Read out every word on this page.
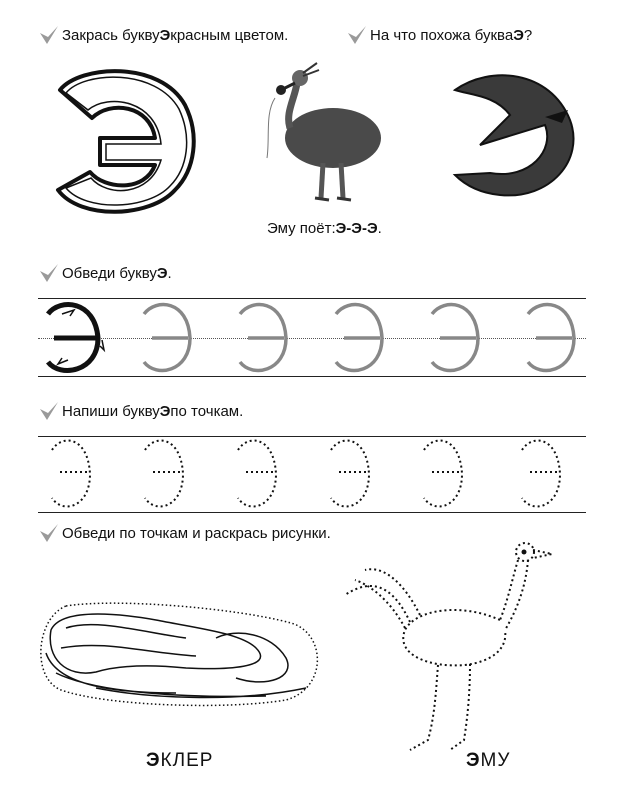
Закрась букву Э красным цветом.	На что похожа буква Э ?
Эму поёт: Э-Э-Э .
Обведи букву Э .
Напиши букву Э по точкам.
Обведи по точкам и раскрась рисунки.
ЭКЛЕР	ЭМУ
